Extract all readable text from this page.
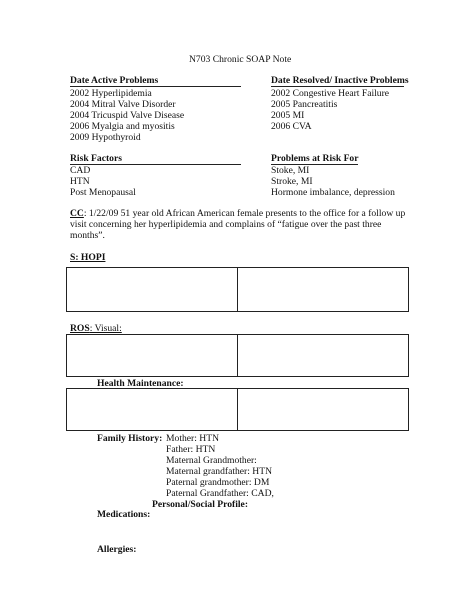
N703 Chronic SOAP Note
Date Active Problems	Date Resolved/ Inactive Problems
2002 Hyperlipidemia
2004 Mitral Valve Disorder
2004 Tricuspid Valve Disease
2006 Myalgia and myositis
2009 Hypothyroid
2002 Congestive Heart Failure
2005 Pancreatitis
2005 MI
2006 CVA
Risk Factors	Problems at Risk For
CAD
HTN
Post Menopausal
Stoke, MI
Stroke, MI
Hormone imbalance, depression
CC: 1/22/09 51 year old African American female presents to the office for a follow up visit concerning her hyperlipidemia and complains of “fatigue over the past three months”.
S: HOPI
ROS: Visual:
Health Maintenance:
Family History: Mother: HTN
Father: HTN
Maternal Grandmother:
Maternal grandfather: HTN
Paternal grandmother: DM
Paternal Grandfather: CAD,
Personal/Social Profile:
Medications:
Allergies:
